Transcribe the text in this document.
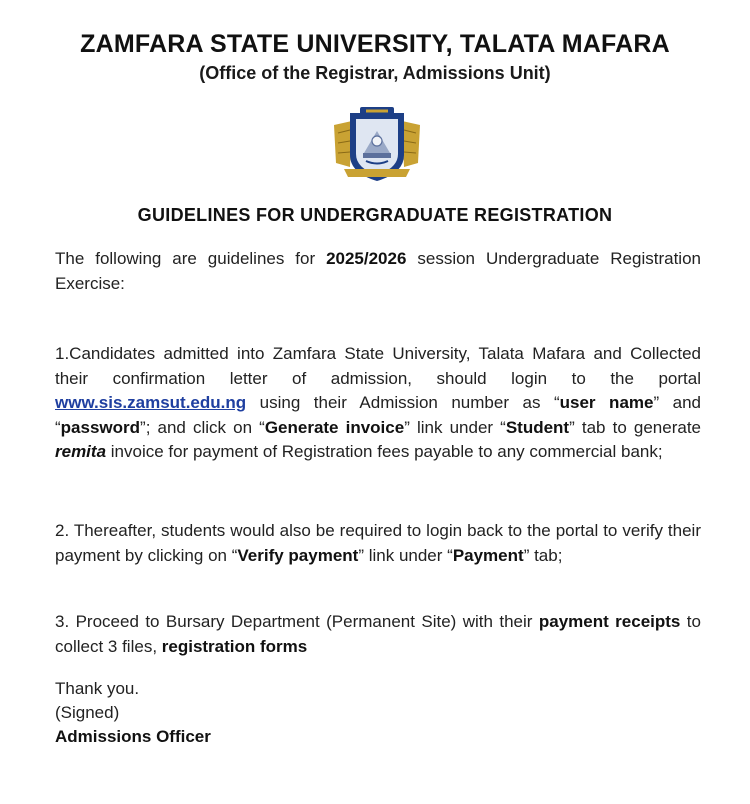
ZAMFARA STATE UNIVERSITY, TALATA MAFARA
(Office of the Registrar, Admissions Unit)
GUIDELINES FOR UNDERGRADUATE REGISTRATION
The following are guidelines for 2025/2026 session Undergraduate Registration Exercise:
1.Candidates admitted into Zamfara State University, Talata Mafara and Collected their confirmation letter of admission, should login to the portal www.sis.zamsut.edu.ng using their Admission number as “user name” and “password”; and click on “Generate invoice” link under “Student” tab to generate remita invoice for payment of Registration fees payable to any commercial bank;
2. Thereafter, students would also be required to login back to the portal to verify their payment by clicking on “Verify payment” link under “Payment” tab;
3. Proceed to Bursary Department (Permanent Site) with their payment receipts to collect 3 files, registration forms
Thank you.
(Signed)
Admissions Officer
